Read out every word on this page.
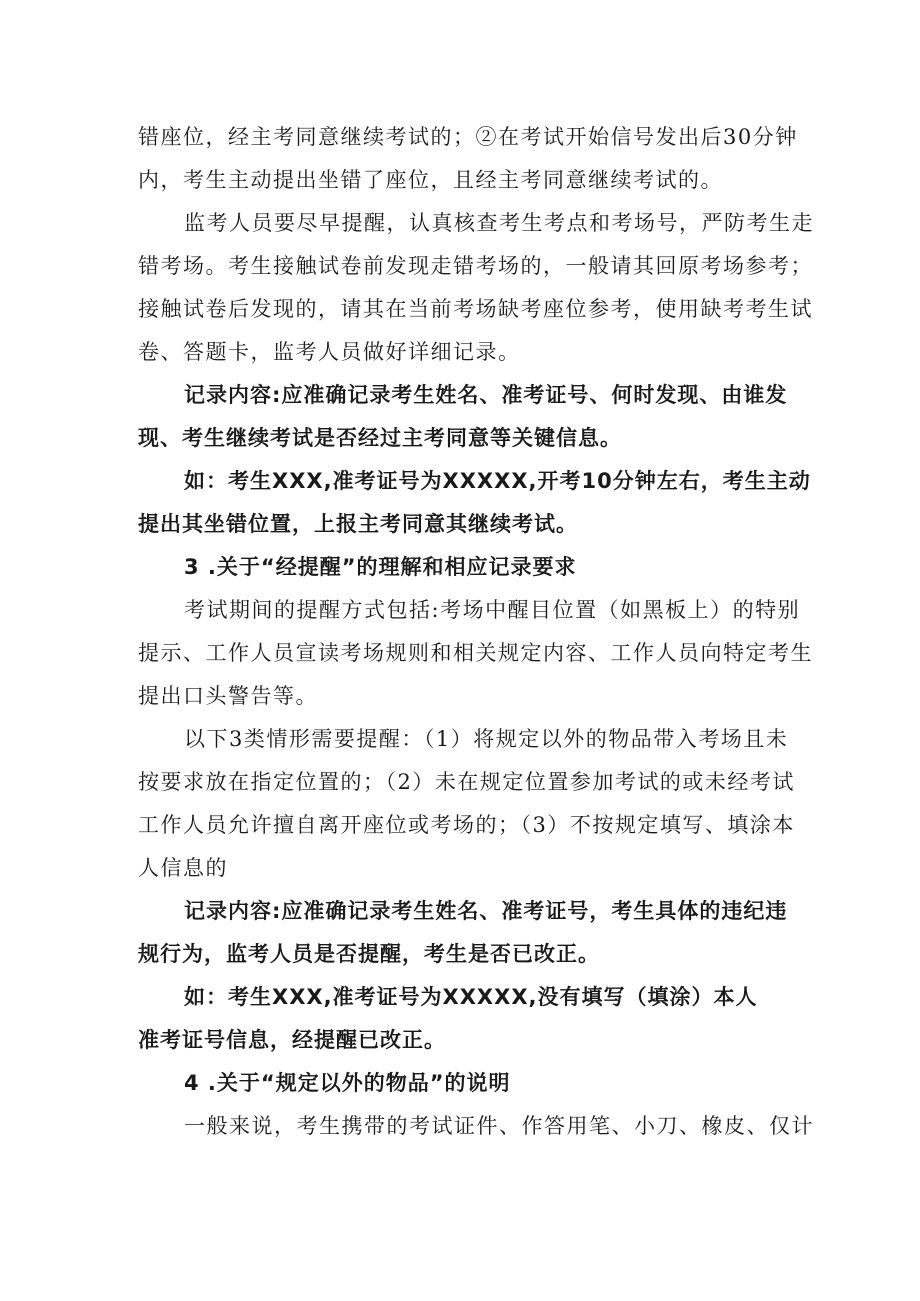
错座位，经主考同意继续考试的；②在考试开始信号发出后30分钟
内，考生主动提出坐错了座位，且经主考同意继续考试的。
监考人员要尽早提醒，认真核查考生考点和考场号，严防考生走
错考场。考生接触试卷前发现走错考场的，一般请其回原考场参考；
接触试卷后发现的，请其在当前考场缺考座位参考，使用缺考考生试
卷、答题卡，监考人员做好详细记录。
记录内容:应准确记录考生姓名、准考证号、何时发现、由谁发
现、考生继续考试是否经过主考同意等关键信息。
如：考生XXX,准考证号为XXXXX,开考10分钟左右，考生主动
提出其坐错位置，上报主考同意其继续考试。
3 .关于“经提醒”的理解和相应记录要求
考试期间的提醒方式包括:考场中醒目位置（如黑板上）的特别
提示、工作人员宣读考场规则和相关规定内容、工作人员向特定考生
提出口头警告等。
以下3类情形需要提醒：（1）将规定以外的物品带入考场且未
按要求放在指定位置的；（2）未在规定位置参加考试的或未经考试
工作人员允许擅自离开座位或考场的；（3）不按规定填写、填涂本
人信息的
记录内容:应准确记录考生姓名、准考证号，考生具体的违纪违
规行为，监考人员是否提醒，考生是否已改正。
如：考生XXX,准考证号为XXXXX,没有填写（填涂）本人
准考证号信息，经提醒已改正。
4 .关于“规定以外的物品”的说明
一般来说，考生携带的考试证件、作答用笔、小刀、橡皮、仅计
